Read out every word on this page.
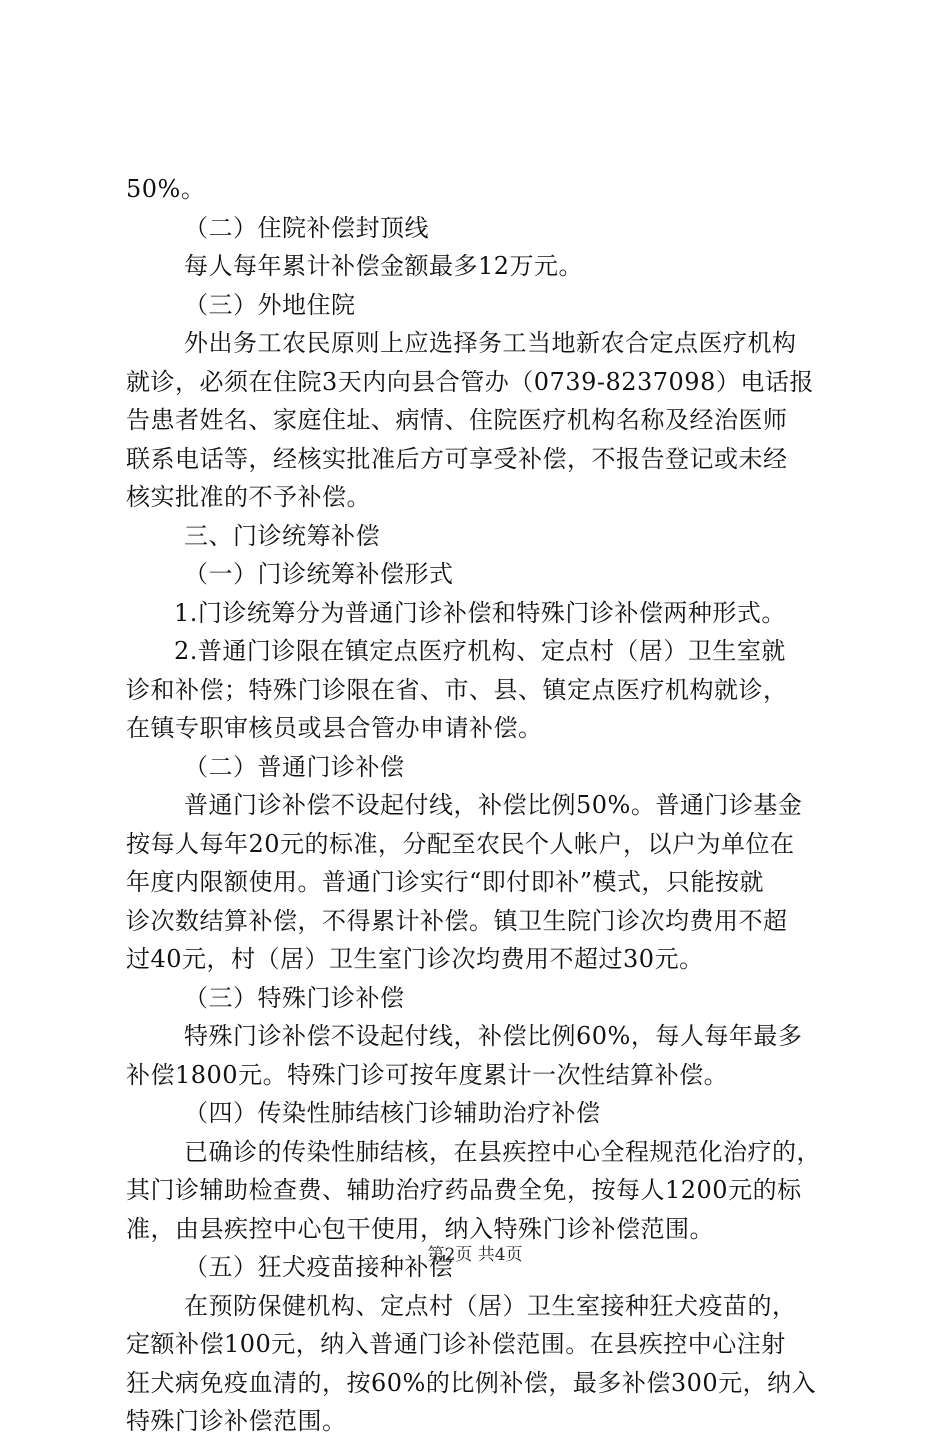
50%。
（二）住院补偿封顶线
每人每年累计补偿金额最多12万元。
（三）外地住院
外出务工农民原则上应选择务工当地新农合定点医疗机构
就诊，必须在住院3天内向县合管办（0739-8237098）电话报
告患者姓名、家庭住址、病情、住院医疗机构名称及经治医师
联系电话等，经核实批准后方可享受补偿，不报告登记或未经
核实批准的不予补偿。
三、门诊统筹补偿
（一）门诊统筹补偿形式
1.门诊统筹分为普通门诊补偿和特殊门诊补偿两种形式。
2.普通门诊限在镇定点医疗机构、定点村（居）卫生室就
诊和补偿；特殊门诊限在省、市、县、镇定点医疗机构就诊，
在镇专职审核员或县合管办申请补偿。
（二）普通门诊补偿
普通门诊补偿不设起付线，补偿比例50%。普通门诊基金
按每人每年20元的标准，分配至农民个人帐户，以户为单位在
年度内限额使用。普通门诊实行“即付即补”模式，只能按就
诊次数结算补偿，不得累计补偿。镇卫生院门诊次均费用不超
过40元，村（居）卫生室门诊次均费用不超过30元。
（三）特殊门诊补偿
特殊门诊补偿不设起付线，补偿比例60%，每人每年最多
补偿1800元。特殊门诊可按年度累计一次性结算补偿。
（四）传染性肺结核门诊辅助治疗补偿
已确诊的传染性肺结核，在县疾控中心全程规范化治疗的，
其门诊辅助检查费、辅助治疗药品费全免，按每人1200元的标
准，由县疾控中心包干使用，纳入特殊门诊补偿范围。
（五）狂犬疫苗接种补偿
在预防保健机构、定点村（居）卫生室接种狂犬疫苗的，
定额补偿100元，纳入普通门诊补偿范围。在县疾控中心注射
狂犬病免疫血清的，按60%的比例补偿，最多补偿300元，纳入
特殊门诊补偿范围。
第2页 共4页
